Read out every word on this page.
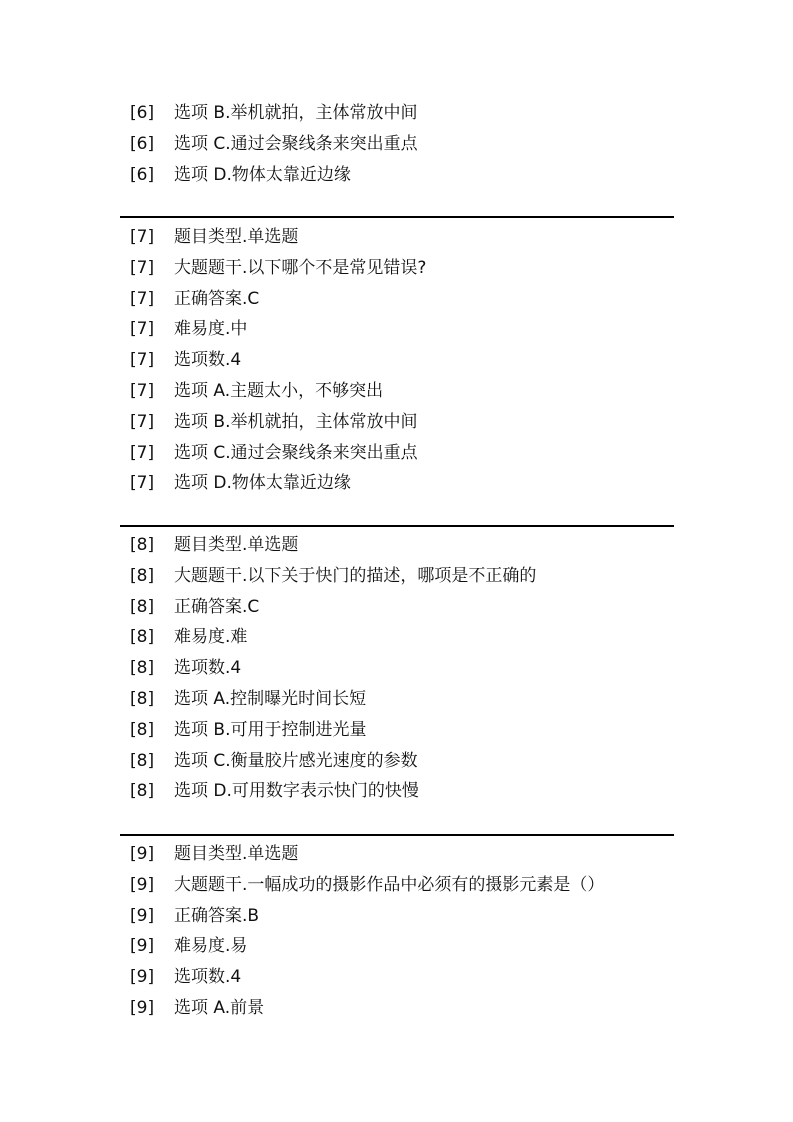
[6] 选项 B.举机就拍，主体常放中间
[6] 选项 C.通过会聚线条来突出重点
[6] 选项 D.物体太靠近边缘
[7] 题目类型.单选题
[7] 大题题干.以下哪个不是常见错误?
[7] 正确答案.C
[7] 难易度.中
[7] 选项数.4
[7] 选项 A.主题太小，不够突出
[7] 选项 B.举机就拍，主体常放中间
[7] 选项 C.通过会聚线条来突出重点
[7] 选项 D.物体太靠近边缘
[8] 题目类型.单选题
[8] 大题题干.以下关于快门的描述，哪项是不正确的
[8] 正确答案.C
[8] 难易度.难
[8] 选项数.4
[8] 选项 A.控制曝光时间长短
[8] 选项 B.可用于控制进光量
[8] 选项 C.衡量胶片感光速度的参数
[8] 选项 D.可用数字表示快门的快慢
[9] 题目类型.单选题
[9] 大题题干.一幅成功的摄影作品中必须有的摄影元素是（）
[9] 正确答案.B
[9] 难易度.易
[9] 选项数.4
[9] 选项 A.前景
